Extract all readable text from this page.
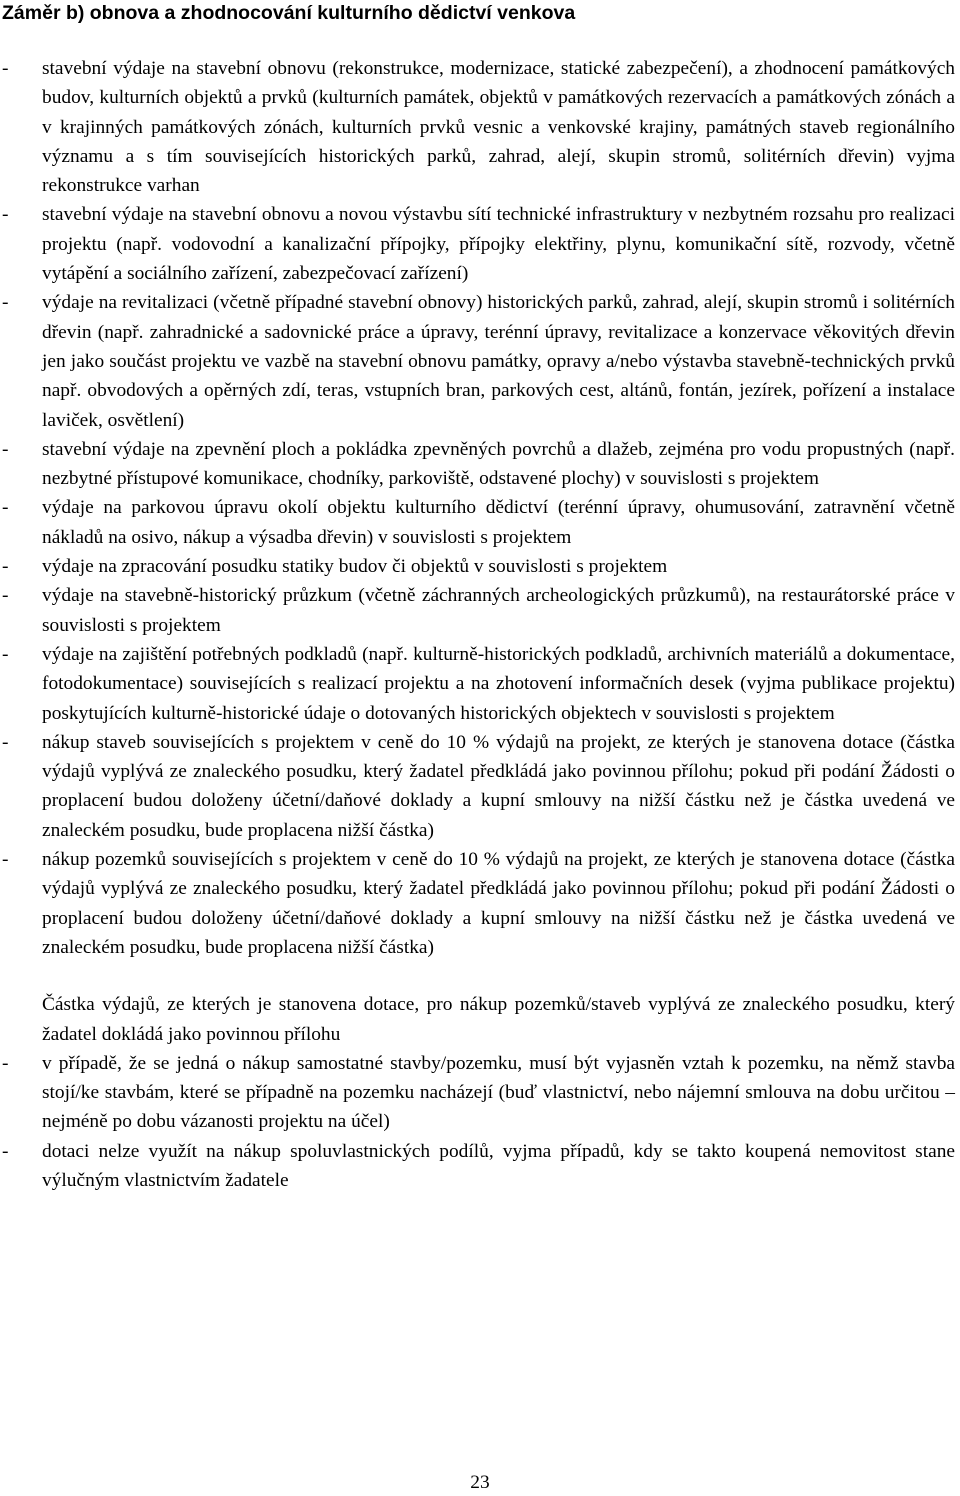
Záměr b) obnova a zhodnocování kulturního dědictví venkova

- stavební výdaje na stavební obnovu (rekonstrukce, modernizace, statické zabezpečení), a zhodnocení památkových budov, kulturních objektů a prvků (kulturních památek, objektů v památkových rezervacích a památkových zónách a v krajinných památkových zónách, kulturních prvků vesnic a venkovské krajiny, památných staveb regionálního významu a s tím souvisejících historických parků, zahrad, alejí, skupin stromů, solitérních dřevin) vyjma rekonstrukce varhan

- stavební výdaje na stavební obnovu a novou výstavbu sítí technické infrastruktury v nezbytném rozsahu pro realizaci projektu (např. vodovodní a kanalizační přípojky, přípojky elektřiny, plynu, komunikační sítě, rozvody, včetně vytápění a sociálního zařízení, zabezpečovací zařízení)

- výdaje na revitalizaci (včetně případné stavební obnovy) historických parků, zahrad, alejí, skupin stromů i solitérních dřevin (např. zahradnické a sadovnické práce a úpravy, terénní úpravy, revitalizace a konzervace věkovitých dřevin jen jako součást projektu ve vazbě na stavební obnovu památky, opravy a/nebo výstavba stavebně-technických prvků např. obvodových a opěrných zdí, teras, vstupních bran, parkových cest, altánů, fontán, jezírek, pořízení a instalace laviček, osvětlení)

- stavební výdaje na zpevnění ploch a pokládka zpevněných povrchů a dlažeb, zejména pro vodu propustných (např. nezbytné přístupové komunikace, chodníky, parkoviště, odstavené plochy) v souvislosti s projektem

- výdaje na parkovou úpravu okolí objektu kulturního dědictví (terénní úpravy, ohumusování, zatravnění včetně nákladů na osivo, nákup a výsadba dřevin) v souvislosti s projektem

- výdaje na zpracování posudku statiky budov či objektů v souvislosti s projektem

- výdaje na stavebně-historický průzkum (včetně záchranných archeologických průzkumů), na restaurátorské práce v souvislosti s projektem

- výdaje na zajištění potřebných podkladů (např. kulturně-historických podkladů, archivních materiálů a dokumentace, fotodokumentace) souvisejících s realizací projektu a na zhotovení informačních desek (vyjma publikace projektu) poskytujících kulturně-historické údaje o dotovaných historických objektech v souvislosti s projektem

- nákup staveb souvisejících s projektem v ceně do 10 % výdajů na projekt, ze kterých je stanovena dotace (částka výdajů vyplývá ze znaleckého posudku, který žadatel předkládá jako povinnou přílohu; pokud při podání Žádosti o proplacení budou doloženy účetní/daňové doklady a kupní smlouvy na nižší částku než je částka uvedená ve znaleckém posudku, bude proplacena nižší částka)

- nákup pozemků souvisejících s projektem v ceně do 10 % výdajů na projekt, ze kterých je stanovena dotace (částka výdajů vyplývá ze znaleckého posudku, který žadatel předkládá jako povinnou přílohu; pokud při podání Žádosti o proplacení budou doloženy účetní/daňové doklady a kupní smlouvy na nižší částku než je částka uvedená ve znaleckém posudku, bude proplacena nižší částka)

Částka výdajů, ze kterých je stanovena dotace, pro nákup pozemků/staveb vyplývá ze znaleckého posudku, který žadatel dokládá jako povinnou přílohu

- v případě, že se jedná o nákup samostatné stavby/pozemku, musí být vyjasněn vztah k pozemku, na němž stavba stojí/ke stavbám, které se případně na pozemku nacházejí (buď vlastnictví, nebo nájemní smlouva na dobu určitou – nejméně po dobu vázanosti projektu na účel)

- dotaci nelze využít na nákup spoluvlastnických podílů, vyjma případů, kdy se takto koupená nemovitost stane výlučným vlastnictvím žadatele

23
